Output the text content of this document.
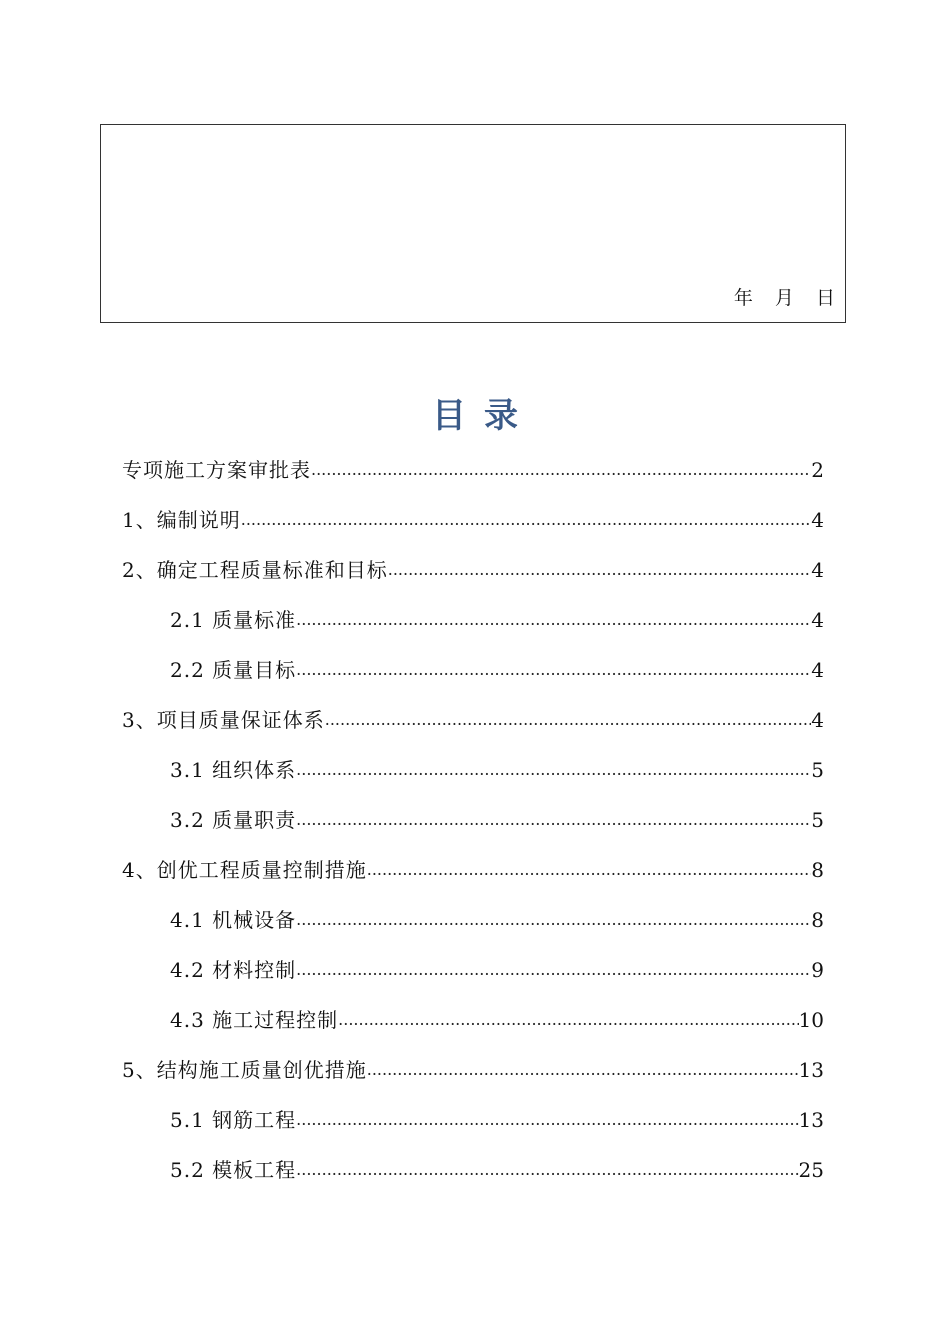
年 月 日
目录
专项施工方案审批表 .....	2
1、编制说明 .....	4
2、确定工程质量标准和目标 .....	4
2.1 质量标准 .....	4
2.2 质量目标 .....	4
3、项目质量保证体系 .....	4
3.1 组织体系 .....	5
3.2 质量职责 .....	5
4、创优工程质量控制措施 .....	8
4.1 机械设备 .....	8
4.2 材料控制 .....	9
4.3 施工过程控制 .....	10
5、结构施工质量创优措施 .....	13
5.1 钢筋工程 .....	13
5.2 模板工程 .....	25
